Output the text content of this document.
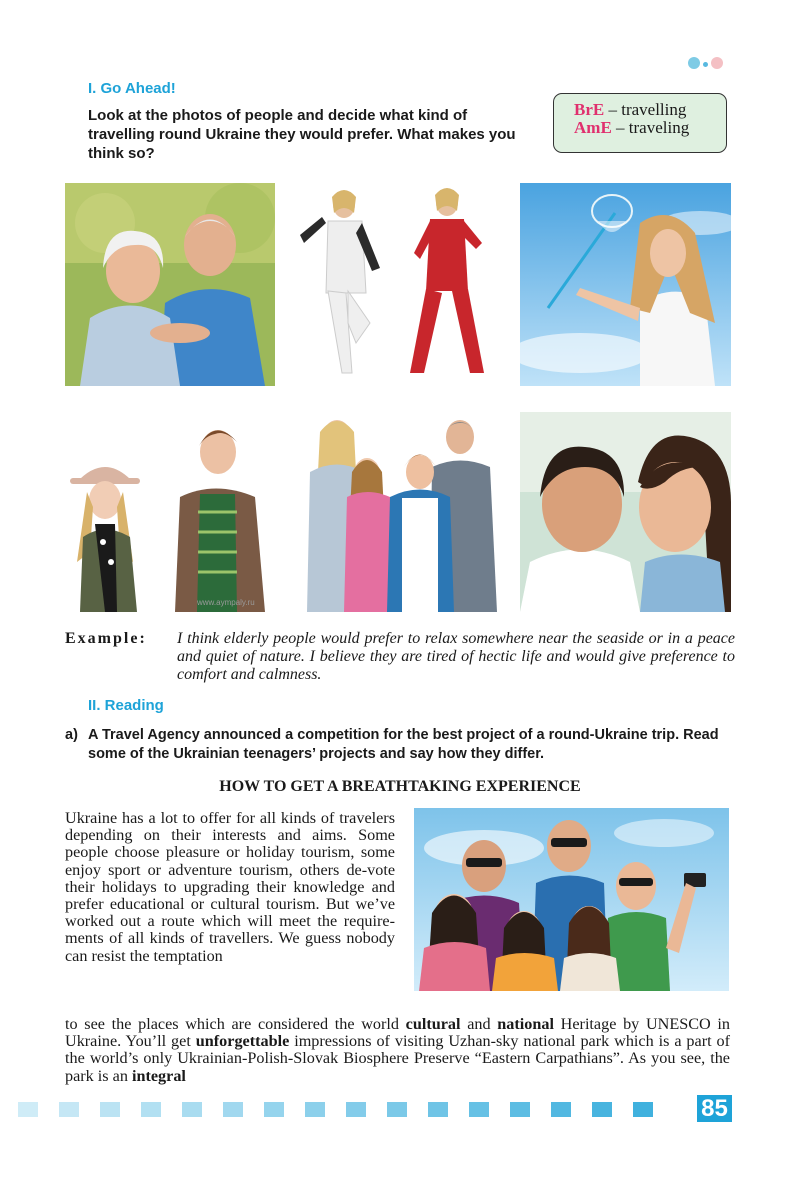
I. Go Ahead!
Look at the photos of people and decide what kind of travelling round Ukraine they would prefer. What makes you think so?
BrE – travelling
AmE – traveling
www.aympaly.ru
Example: I think elderly people would prefer to relax somewhere near the seaside or in a peace and quiet of nature. I believe they are tired of hectic life and would give preference to comfort and calmness.
II. Reading
a) A Travel Agency announced a competition for the best project of a round-Ukraine trip. Read some of the Ukrainian teenagers’ projects and say how they differ.
HOW TO GET A BREATHTAKING EXPERIENCE
Ukraine has a lot to offer for all kinds of travelers depending on their interests and aims. Some people choose pleasure or holiday tourism, some enjoy sport or adventure tourism, others de-vote their holidays to upgrading their knowledge and prefer educational or cultural tourism. But we’ve worked out a route which will meet the require-ments of all kinds of travellers. We guess nobody can resist the temptation
to see the places which are considered the world cultural and national Heritage by UNESCO in Ukraine. You’ll get unforgettable impressions of visiting Uzhan-sky national park which is a part of the world’s only Ukrainian-Polish-Slovak Biosphere Preserve “Eastern Carpathians”. As you see, the park is an integral
85
